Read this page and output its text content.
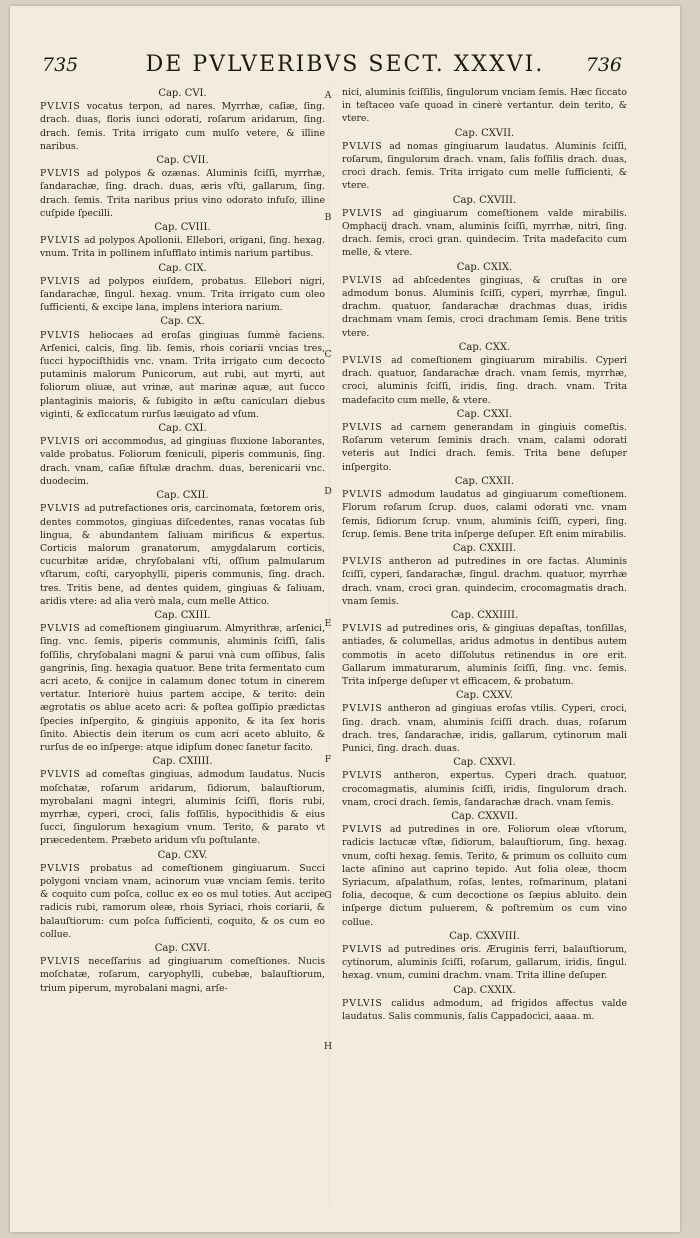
735	DE PVLVERIBVS SECT. XXXVI.	736
A
B
C
D
E
F
G
H
Cap. CVI.
PVLVIS vocatus terpon, ad nares. Myrrhæ, caſiæ, ſing. drach. duas, floris iunci odorati, roſarum aridarum, ſing. drach. ſemis. Trita irrigato cum mulſo vetere, & illine naribus.
Cap. CVII.
PVLVIS ad polypos & ozænas. Aluminis ſciſſi, myrrhæ, ſandarachæ, ſing. drach. duas, æris vſti, gallarum, ſing. drach. ſemis. Trita naribus prius vino odorato infuſo, illine cuſpide ſpecilli.
Cap. CVIII.
PVLVIS ad polypos Apollonii. Ellebori, origani, ſing. hexag. vnum. Trita in pollinem inſufflato intimis narium partibus.
Cap. CIX.
PVLVIS ad polypos eiuſdem, probatus. Ellebori nigri, ſandarachæ, ſingul. hexag. vnum. Trita irrigato cum oleo ſufficienti, & excipe lana, implens interiora narium.
Cap. CX.
PVLVIS heliocaes ad eroſas gingiuas ſummè faciens. Arſenici, calcis, ſing. lib. ſemis, rhois coriarii vncias tres, ſucci hypociſthidis vnc. vnam. Trita irrigato cum decocto putaminis malorum Punicorum, aut rubi, aut myrti, aut foliorum oliuæ, aut vrinæ, aut marinæ aquæ, aut ſucco plantaginis maioris, & ſubigito in æſtu canicuları diebus viginti, & exſiccatum rurſus læuigato ad vſum.
Cap. CXI.
PVLVIS ori accommodus, ad gingiuas fluxione laborantes, valde probatus. Foliorum fœniculi, piperis communis, ſing. drach. vnam, caſiæ fiſtulæ drachm. duas, berenicarii vnc. duodecim.
Cap. CXII.
PVLVIS ad putrefactiones oris, carcinomata, fœtorem oris, dentes commotos, gingiuas diſcedentes, ranas vocatas ſub lingua, & abundantem ſaliuam mirificus & expertus. Corticis malorum granatorum, amygdalarum corticis, cucurbitæ aridæ, chryſobalani vſti, oſſium palmularum vſtarum, coſti, caryophylli, piperis communis, ſing. drach. tres. Tritis bene, ad dentes quidem, gingiuas & ſaliuam, aridis vtere: ad alia verò mala, cum melle Attico.
Cap. CXIII.
PVLVIS ad comeſtionem gingiuarum. Almyrithræ, arſenici, ſing. vnc. ſemis, piperis communis, aluminis ſciſſi, ſalis foſſilis, chryſobalani magni & parui vnà cum oſſibus, ſalis gangrinis, ſing. hexagia quatuor. Bene trita fermentato cum acri aceto, & conijce in calamum donec totum in cinerem vertatur. Interiorè huius partem accipe, & terito: dein ægrotatis os ablue aceto acri: & poſtea goſſipio prædictas ſpecies inſpergito, & gingiuis apponito, & ita ſex horis ſinito. Abiectis dein iterum os cum acri aceto abluito, & rurſus de eo inſperge: atque idipſum donec ſanetur facito.
Cap. CXIIII.
PVLVIS ad comeſtas gingiuas, admodum laudatus. Nucis moſchatæ, roſarum aridarum, ſidiorum, balauſtiorum, myrobalani magni integri, aluminis ſciſſi, floris rubi, myrrhæ, cyperi, croci, ſalis foſſilis, hypocithidis & eius ſucci, ſingulorum hexagium vnum. Terito, & parato vt præcedentem. Præbeto aridum vſu poſtulante.
Cap. CXV.
PVLVIS probatus ad comeſtionem gingiuarum. Succi polygoni vnciam vnam, acinorum vuæ vnciam ſemis. terito & coquito cum poſca, colluc ex eo os mul toties. Aut accipe radicis rubi, ramorum oleæ, rhois Syriaci, rhois coriarii, & balauſtiorum: cum poſca ſufficienti, coquito, & os cum eo collue.
Cap. CXVI.
PVLVIS neceſſarius ad gingiuarum comeſtiones. Nucis moſchatæ, roſarum, caryophylli, cubebæ, balauſtiorum, trium piperum, myrobalani magni, arſe-
nici, aluminis ſciſſilis, ſingulorum vnciam ſemis. Hæc ſiccato in teſtaceo vaſe quoad in cinerè vertantur. dein terito, & vtere.
Cap. CXVII.
PVLVIS ad nomas gingiuarum laudatus. Aluminis ſciſſi, roſarum, ſingulorum drach. vnam, ſalis foſſilis drach. duas, croci drach. ſemis. Trita irrigato cum melle ſufficienti, & vtere.
Cap. CXVIII.
PVLVIS ad gingiuarum comeſtionem valde mirabilis. Omphacij drach. vnam, aluminis ſciſſi, myrrhæ, nitri, ſing. drach. ſemis, croci gran. quindecim. Trita madefacito cum melle, & vtere.
Cap. CXIX.
PVLVIS ad abſcedentes gingiuas, & cruſtas in ore admodum bonus. Aluminis ſciſſi, cyperi, myrrhæ, ſingul. drachm. quatuor, ſandarachæ drachmas duas, iridis drachmam vnam ſemis, croci drachmam ſemis. Bene tritis vtere.
Cap. CXX.
PVLVIS ad comeſtionem gingiuarum mirabilis. Cyperi drach. quatuor, ſandarachæ drach. vnam ſemis, myrrhæ, croci, aluminis ſciſſi, iridis, ſing. drach. vnam. Trita madefacito cum melle, & vtere.
Cap. CXXI.
PVLVIS ad carnem generandam in gingiuis comeſtis. Roſarum veterum ſeminis drach. vnam, calami odorati veteris aut Indici drach. ſemis. Trita bene deſuper inſpergito.
Cap. CXXII.
PVLVIS admodum laudatus ad gingiuarum comeſtionem. Florum roſarum ſcrup. duos, calami odorati vnc. vnam ſemis, ſidiorum ſcrup. vnum, aluminis ſciſſi, cyperi, ſing. ſcrup. ſemis. Bene trita inſperge deſuper. Eſt enim mirabilis.
Cap. CXXIII.
PVLVIS antheron ad putredines in ore factas. Aluminis ſciſſi, cyperi, ſandarachæ, ſingul. drachm. quatuor, myrrhæ drach. vnam, croci gran. quindecim, crocomagmatis drach. vnam ſemis.
Cap. CXXIIII.
PVLVIS ad putredines oris, & gingiuas depaſtas, tonſillas, antiades, & columellas, aridus admotus in dentibus autem commotis in aceto diſſolutus retinendus in ore erit. Gallarum immaturarum, aluminis ſciſſi, ſing. vnc. ſemis. Trita inſperge deſuper vt efficacem, & probatum.
Cap. CXXV.
PVLVIS antheron ad gingiuas eroſas vtilis. Cyperi, croci, ſing. drach. vnam, aluminis ſciſſi drach. duas, roſarum drach. tres, ſandarachæ, iridis, gallarum, cytinorum mali Punici, ſing. drach. duas.
Cap. CXXVI.
PVLVIS antheron, expertus. Cyperi drach. quatuor, crocomagmatis, aluminis ſciſſi, iridis, ſingulorum drach. vnam, croci drach. ſemis, ſandarachæ drach. vnam ſemis.
Cap. CXXVII.
PVLVIS ad putredines in ore. Foliorum oleæ vſtorum, radicis lactucæ vſtæ, ſidiorum, balauſtiorum, ſing. hexag. vnum, coſti hexag. ſemis. Terito, & primum os colluito cum lacte aſinino aut caprino tepido. Aut folia oleæ, thocm Syriacum, aſpalathum, roſas, lentes, roſmarinum, platani folia, decoque, & cum decoctione os ſæpius abluito. dein inſperge dictum puluerem, & poſtremùm os cum vino collue.
Cap. CXXVIII.
PVLVIS ad putredines oris. Æruginis ferri, balauſtiorum, cytinorum, aluminis ſciſſi, roſarum, gallarum, iridis, ſingul. hexag. vnum, cumini drachm. vnam. Trita illine deſuper.
Cap. CXXIX.
PVLVIS calidus admodum, ad frigidos affectus valde laudatus. Salis communis, ſalis Cappadocici, aaaa. m.
